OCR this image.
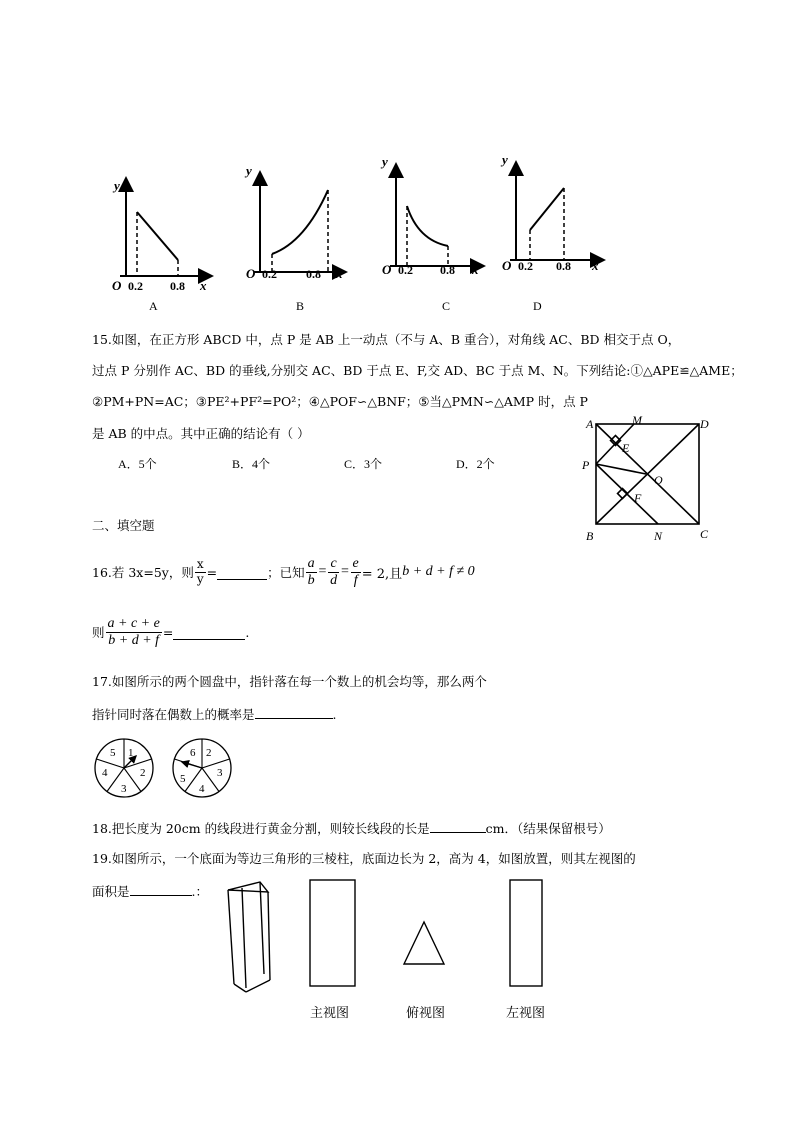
y
O 0.2 0.8 x
A
y
O 0.2 0.8 x
B
y
O 0.2 0.8 x
C
y
O 0.2 0.8 x
D
15.如图，在正方形 ABCD 中，点 P 是 AB 上一动点（不与 A、B 重合），对角线 AC、BD 相交于点 O，
过点 P 分别作 AC、BD 的垂线,分别交 AC、BD 于点 E、F,交 AD、BC 于点 M、N。下列结论:①△APE≌△AME；
②PM+PN=AC；③PE²+PF²=PO²；④△POF∽△BNF；⑤当△PMN∽△AMP 时，点 P
是 AB 的中点。其中正确的结论有（ ）
A．5个	B．4个	C．3个	D．2个
A	M	D
E
P
O
F
B	N	C
二、填空题
16.若 3x=5y，则 $\frac{x}{y}$ =	；已知 $\frac{a}{b} = \frac{c}{d} = \frac{e}{f} = 2$,且 b + d + f ≠ 0
则 $\frac{a + c + e}{b + d + f}$ =	.
17.如图所示的两个圆盘中，指针落在每一个数上的机会均等，那么两个
指针同时落在偶数上的概率是	.
1
2
3
4
5	6 2
3
4
5
18.把长度为 20cm 的线段进行黄金分割，则较长线段的长是	cm．（结果保留根号）
19.如图所示，一个底面为等边三角形的三棱柱，底面边长为 2，高为 4，如图放置，则其左视图的
面积是	.：
主视图	俯视图	左视图
